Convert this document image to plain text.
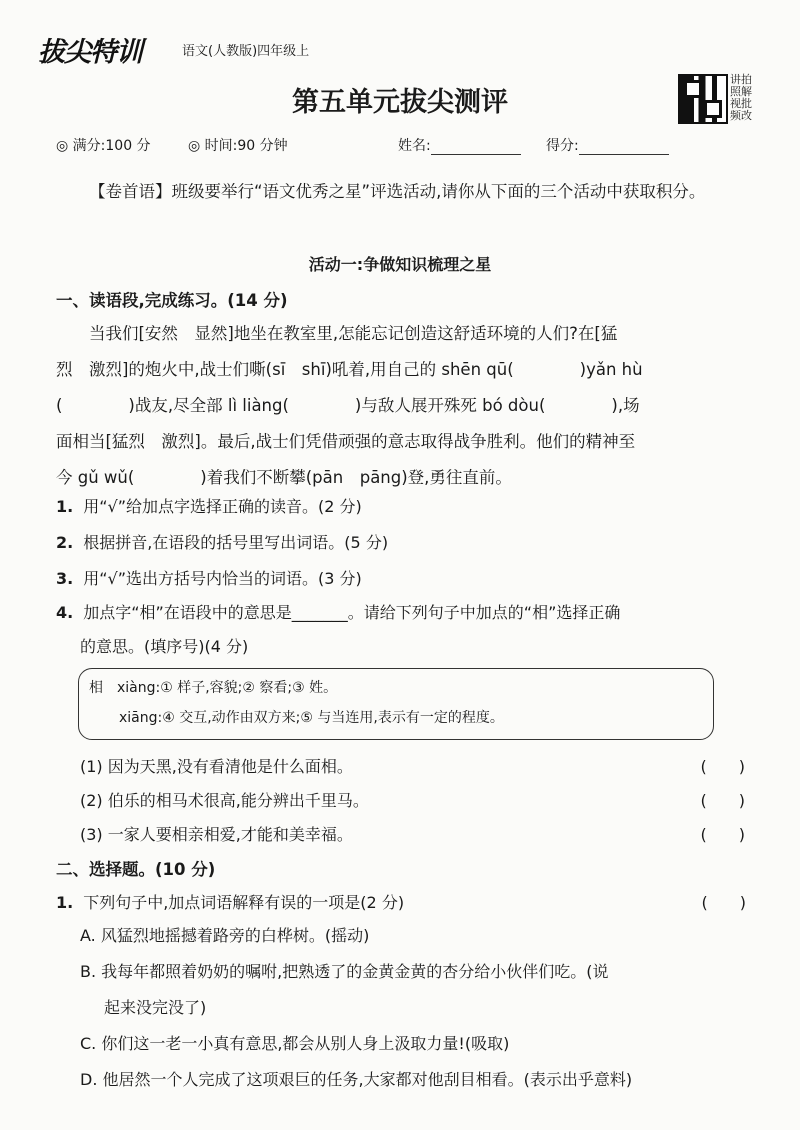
拔尖特训	语文(人教版)四年级上
第五单元拔尖测评
讲拍照解视批频改
◎ 满分:100 分	◎ 时间:90 分钟	姓名:	得分:
【卷首语】班级要举行“语文优秀之星”评选活动,请你从下面的三个活动中获取积分。
活动一:争做知识梳理之星
一、读语段,完成练习。(14 分)
当我们[安然　显然]地坐在教室里,怎能忘记创造这舒适环境的人们?在[猛
烈　激烈]的炮火中,战士们嘶(sī　shī)吼着,用自己的 shēn qū(　　　　)yǎn hù
(　　　　)战友,尽全部 lì liàng(　　　　)与敌人展开殊死 bó dòu(　　　　),场
面相当[猛烈　激烈]。最后,战士们凭借顽强的意志取得战争胜利。他们的精神至
今 gǔ wǔ(　　　　)着我们不断攀(pān　pāng)登,勇往直前。
1. 用“√”给加点字选择正确的读音。(2 分)
2. 根据拼音,在语段的括号里写出词语。(5 分)
3. 用“√”选出方括号内恰当的词语。(3 分)
4. 加点字“相”在语段中的意思是_______。请给下列句子中加点的“相”选择正确
的意思。(填序号)(4 分)
相　xiàng:① 样子,容貌;② 察看;③ 姓。
xiāng:④ 交互,动作由双方来;⑤ 与当连用,表示有一定的程度。
(1) 因为天黑,没有看清他是什么面相。	(　　)
(2) 伯乐的相马术很高,能分辨出千里马。	(　　)
(3) 一家人要相亲相爱,才能和美幸福。	(　　)
二、选择题。(10 分)
1. 下列句子中,加点词语解释有误的一项是(2 分)	(　　)
A. 风猛烈地摇撼着路旁的白桦树。(摇动)
B. 我每年都照着奶奶的嘱咐,把熟透了的金黄金黄的杏分给小伙伴们吃。(说
起来没完没了)
C. 你们这一老一小真有意思,都会从别人身上汲取力量!(吸取)
D. 他居然一个人完成了这项艰巨的任务,大家都对他刮目相看。(表示出乎意料)
